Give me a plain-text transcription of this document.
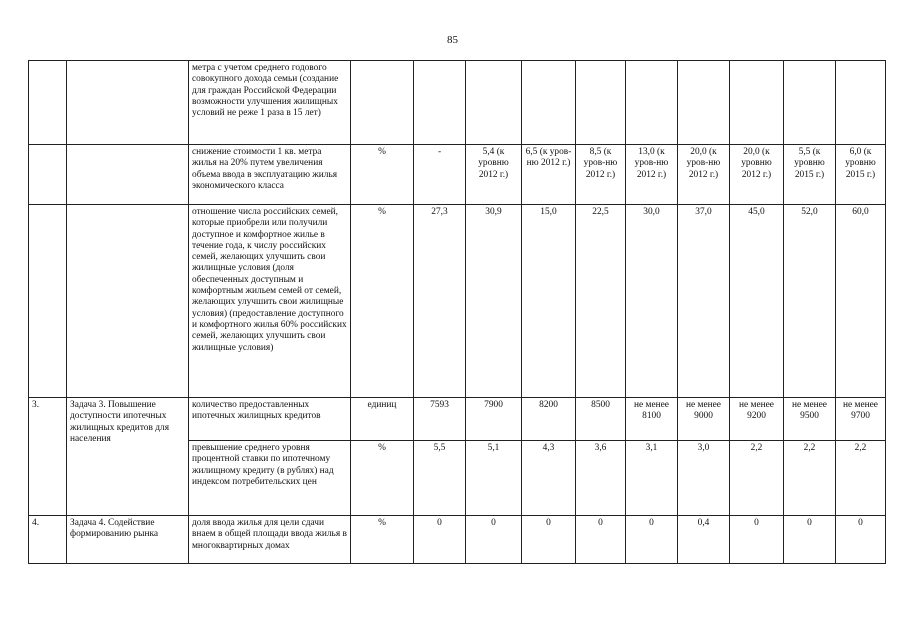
85
		метра с учетом среднего годового совокупного дохода семьи (создание для граждан Российской Федерации возможности улучшения жилищных условий не реже 1 раза в 15 лет)										
		снижение стоимости 1 кв. метра жилья на 20% путем увеличения объема ввода в эксплуатацию жилья экономического класса	%	-	5,4 (к уровню 2012 г.)	6,5 (к уров-ню 2012 г.)	8,5 (к уров-ню 2012 г.)	13,0 (к уров-ню 2012 г.)	20,0 (к уров-ню 2012 г.)	20,0 (к уровню 2012 г.)	5,5 (к уровню 2015 г.)	6,0 (к уровню 2015 г.)
		отношение числа российских семей, которые приобрели или получили доступное и комфортное жилье в течение года, к числу российских семей, желающих улучшить свои жилищные условия (доля обеспеченных доступным и комфортным жильем семей от семей, желающих улучшить свои жилищные условия) (предоставление доступного и комфортного жилья 60% российских семей, желающих улучшить свои жилищные условия)	%	27,3	30,9	15,0	22,5	30,0	37,0	45,0	52,0	60,0
3.	Задача 3. Повышение доступности ипотечных жилищных кредитов для населения	количество предоставленных ипотечных жилищных кредитов	единиц	7593	7900	8200	8500	не менее 8100	не менее 9000	не менее 9200	не менее 9500	не менее 9700
		превышение среднего уровня процентной ставки по ипотечному жилищному кредиту (в рублях) над индексом потребительских цен	%	5,5	5,1	4,3	3,6	3,1	3,0	2,2	2,2	2,2
4.	Задача 4. Содействие формированию рынка	доля ввода жилья для цели сдачи внаем в общей площади ввода жилья в многоквартирных домах	%	0	0	0	0	0	0,4	0	0	0
